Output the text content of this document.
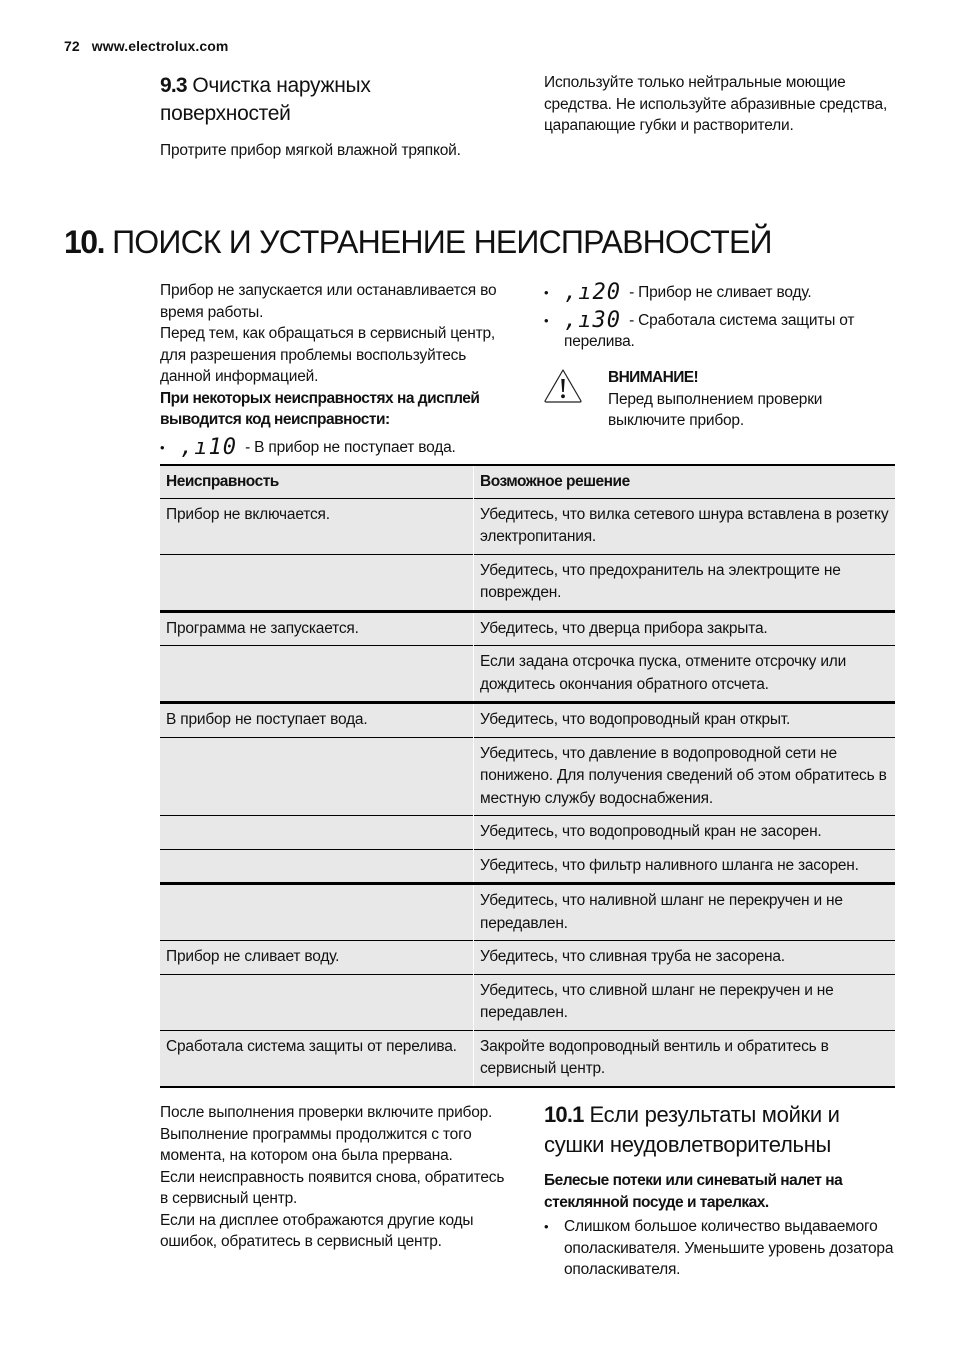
72 www.electrolux.com
9.3 Очистка наружных
поверхностей
Протрите прибор мягкой влажной тряпкой.
Используйте только нейтральные моющие средства. Не используйте абразивные средства, царапающие губки и растворители.
10. ПОИСК И УСТРАНЕНИЕ НЕИСПРАВНОСТЕЙ
Прибор не запускается или останавливается во время работы.
Перед тем, как обращаться в сервисный центр, для разрешения проблемы воспользуйтесь данной информацией.
При некоторых неисправностях на дисплей выводится код неисправности:
• ,ı10 - В прибор не поступает вода.
• ,ı20 - Прибор не сливает воду.
• ,ı30 - Сработала система защиты от перелива.
ВНИМАНИЕ!
Перед выполнением проверки выключите прибор.
Неисправность	Возможное решение
Прибор не включается.	Убедитесь, что вилка сетевого шнура вставлена в розетку электропитания.
	Убедитесь, что предохранитель на электрощите не поврежден.
Программа не запускается.	Убедитесь, что дверца прибора закрыта.
	Если задана отсрочка пуска, отмените отсрочку или дождитесь окончания обратного отсчета.
В прибор не поступает вода.	Убедитесь, что водопроводный кран открыт.
	Убедитесь, что давление в водопроводной сети не понижено. Для получения сведений об этом обратитесь в местную службу водоснабжения.
	Убедитесь, что водопроводный кран не засорен.
	Убедитесь, что фильтр наливного шланга не засорен.
	Убедитесь, что наливной шланг не перекручен и не передавлен.
Прибор не сливает воду.	Убедитесь, что сливная труба не засорена.
	Убедитесь, что сливной шланг не перекручен и не передавлен.
Сработала система защиты от перелива.	Закройте водопроводный вентиль и обратитесь в сервисный центр.
После выполнения проверки включите прибор. Выполнение программы продолжится с того момента, на котором она была прервана.
Если неисправность появится снова, обратитесь в сервисный центр.
Если на дисплее отображаются другие коды ошибок, обратитесь в сервисный центр.
10.1 Если результаты мойки и
сушки неудовлетворительны
Белесые потеки или синеватый налет на стеклянной посуде и тарелках.
• Слишком большое количество выдаваемого ополаскивателя. Уменьшите уровень дозатора ополаскивателя.
